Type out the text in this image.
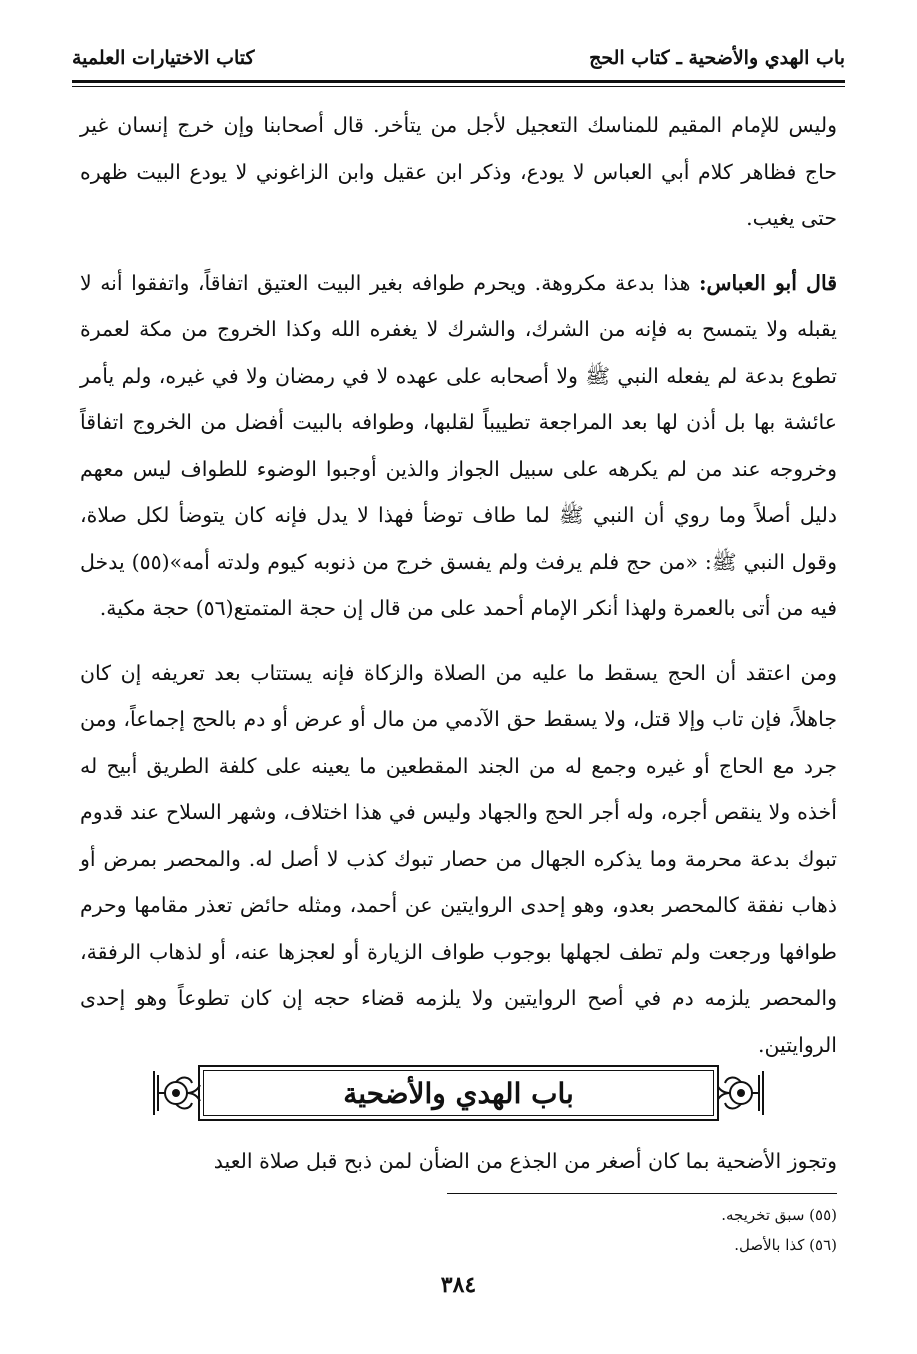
باب الهدي والأضحية ـ كتاب الحج
كتاب الاختيارات العلمية

وليس للإمام المقيم للمناسك التعجيل لأجل من يتأخر. قال أصحابنا وإن خرج إنسان غير حاج فظاهر كلام أبي العباس لا يودع، وذكر ابن عقيل وابن الزاغوني لا يودع البيت ظهره حتى يغيب.

قال أبو العباس: هذا بدعة مكروهة. ويحرم طوافه بغير البيت العتيق اتفاقاً، واتفقوا أنه لا يقبله ولا يتمسح به فإنه من الشرك، والشرك لا يغفره الله وكذا الخروج من مكة لعمرة تطوع بدعة لم يفعله النبي ﷺ ولا أصحابه على عهده لا في رمضان ولا في غيره، ولم يأمر عائشة بها بل أذن لها بعد المراجعة تطييباً لقلبها، وطوافه بالبيت أفضل من الخروج اتفاقاً وخروجه عند من لم يكرهه على سبيل الجواز والذين أوجبوا الوضوء للطواف ليس معهم دليل أصلاً وما روي أن النبي ﷺ لما طاف توضأ فهذا لا يدل فإنه كان يتوضأ لكل صلاة، وقول النبي ﷺ: «من حج فلم يرفث ولم يفسق خرج من ذنوبه كيوم ولدته أمه»(٥٥) يدخل فيه من أتى بالعمرة ولهذا أنكر الإمام أحمد على من قال إن حجة المتمتع(٥٦) حجة مكية.

ومن اعتقد أن الحج يسقط ما عليه من الصلاة والزكاة فإنه يستتاب بعد تعريفه إن كان جاهلاً، فإن تاب وإلا قتل، ولا يسقط حق الآدمي من مال أو عرض أو دم بالحج إجماعاً، ومن جرد مع الحاج أو غيره وجمع له من الجند المقطعين ما يعينه على كلفة الطريق أبيح له أخذه ولا ينقص أجره، وله أجر الحج والجهاد وليس في هذا اختلاف، وشهر السلاح عند قدوم تبوك بدعة محرمة وما يذكره الجهال من حصار تبوك كذب لا أصل له. والمحصر بمرض أو ذهاب نفقة كالمحصر بعدو، وهو إحدى الروايتين عن أحمد، ومثله حائض تعذر مقامها وحرم طوافها ورجعت ولم تطف لجهلها بوجوب طواف الزيارة أو لعجزها عنه، أو لذهاب الرفقة، والمحصر يلزمه دم في أصح الروايتين ولا يلزمه قضاء حجه إن كان تطوعاً وهو إحدى الروايتين.

باب الهدي والأضحية
وتجوز الأضحية بما كان أصغر من الجذع من الضأن لمن ذبح قبل صلاة العيد
(٥٥) سبق تخريجه.
(٥٦) كذا بالأصل.
٣٨٤
